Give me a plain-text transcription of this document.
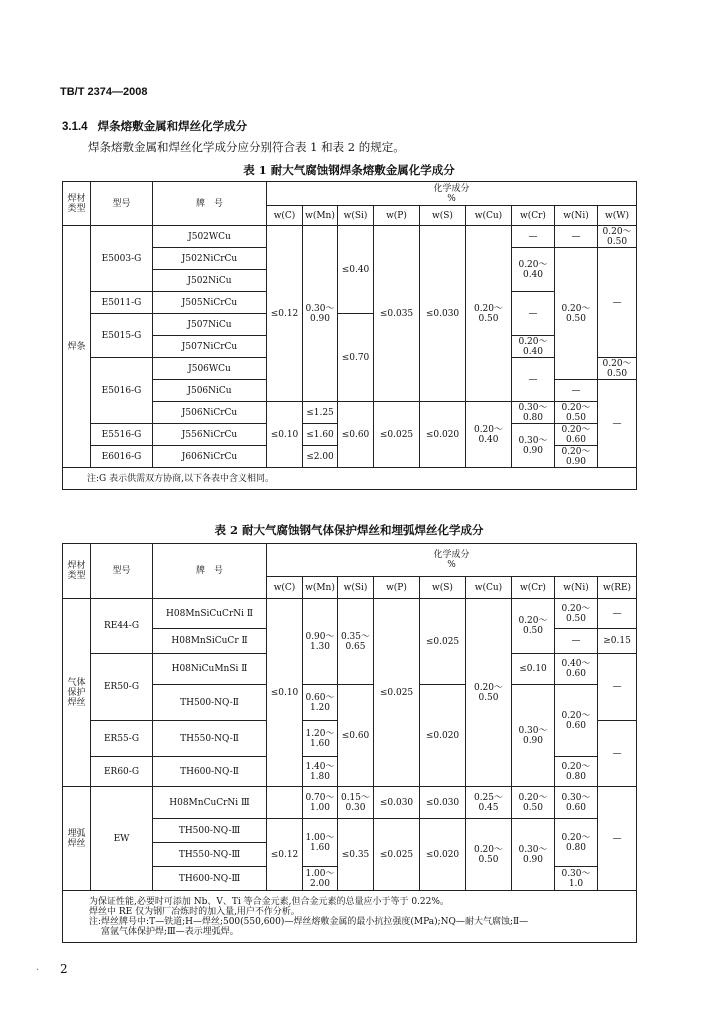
TB/T 2374—2008
3.1.4 焊条熔敷金属和焊丝化学成分
焊条熔敷金属和焊丝化学成分应分别符合表 1 和表 2 的规定。
表 1 耐大气腐蚀钢焊条熔敷金属化学成分
焊材类型	型号	牌　号	化学成分
%								
			w(C)	w(Mn)	w(Si)	w(P)	w(S)	w(Cu)	w(Cr)	w(Ni)	w(W)
焊条	E5003-G	J502WCu	≤0.12	0.30～0.90	≤0.40	≤0.035	≤0.030	0.20～0.50	—	—	0.20～0.50
		J502NiCrCu							0.20～0.40	0.20～0.50	—
		J502NiCu									
	E5011-G	J505NiCrCu							—		
	E5015-G	J507NiCu			≤0.70						
		J507NiCrCu							0.20～0.40		
	E5016-G	J506WCu							—		0.20～0.50
		J506NiCu								—	—
		J506NiCrCu	≤0.10	≤1.25	≤0.60	≤0.025	≤0.020	0.20～0.40	0.30～0.80	0.20～0.50	
	E5516-G	J556NiCrCu		≤1.60					0.30～0.90	0.20～0.60	
	E6016-G	J606NiCrCu		≤2.00						0.20～0.90	
注:G 表示供需双方协商,以下各表中含义相同。											
表 2 耐大气腐蚀钢气体保护焊丝和埋弧焊丝化学成分
焊材类型	型号	牌　号	化学成分
%								
			w(C)	w(Mn)	w(Si)	w(P)	w(S)	w(Cu)	w(Cr)	w(Ni)	w(RE)
气体保护焊丝	RE44-G	H08MnSiCuCrNi Ⅱ	≤0.10	0.90～1.30	0.35～0.65	≤0.025	≤0.025	0.20～0.50	0.20～0.50	0.20～0.50	—
		H08MnSiCuCr Ⅱ								—	≥0.15
	ER50-G	H08NiCuMnSi Ⅱ							≤0.10	0.40～0.60	—
		TH500-NQ-Ⅱ		0.60～1.20	≤0.60		≤0.020		0.30～0.90	0.20～0.60	
	ER55-G	TH550-NQ-Ⅱ		1.20～1.60							—
	ER60-G	TH600-NQ-Ⅱ		1.40～1.80						0.20～0.80	
埋弧焊丝	EW	H08MnCuCrNi Ⅲ		0.70～1.00	0.15～0.30	≤0.030	≤0.030	0.25～0.45	0.20～0.50	0.30～0.60	—
		TH500-NQ-Ⅲ	≤0.12	1.00～1.60	≤0.35	≤0.025	≤0.020	0.20～0.50	0.30～0.90	0.20～0.80	
		TH550-NQ-Ⅲ									
		TH600-NQ-Ⅲ		1.00～2.00						0.30～1.0	

为保证性能,必要时可添加 Nb、V、Ti 等合金元素,但合金元素的总量应小于等于 0.22%。
焊丝中 RE 仅为钢厂冶炼时的加入量,用户不作分析。
注:焊丝牌号中:T—铁道;H—焊丝;500(550,600)—焊丝熔敷金属的最小抗拉强度(MPa);NQ—耐大气腐蚀;Ⅱ—
富氩气体保护焊;Ⅲ—表示埋弧焊。											
· 2
